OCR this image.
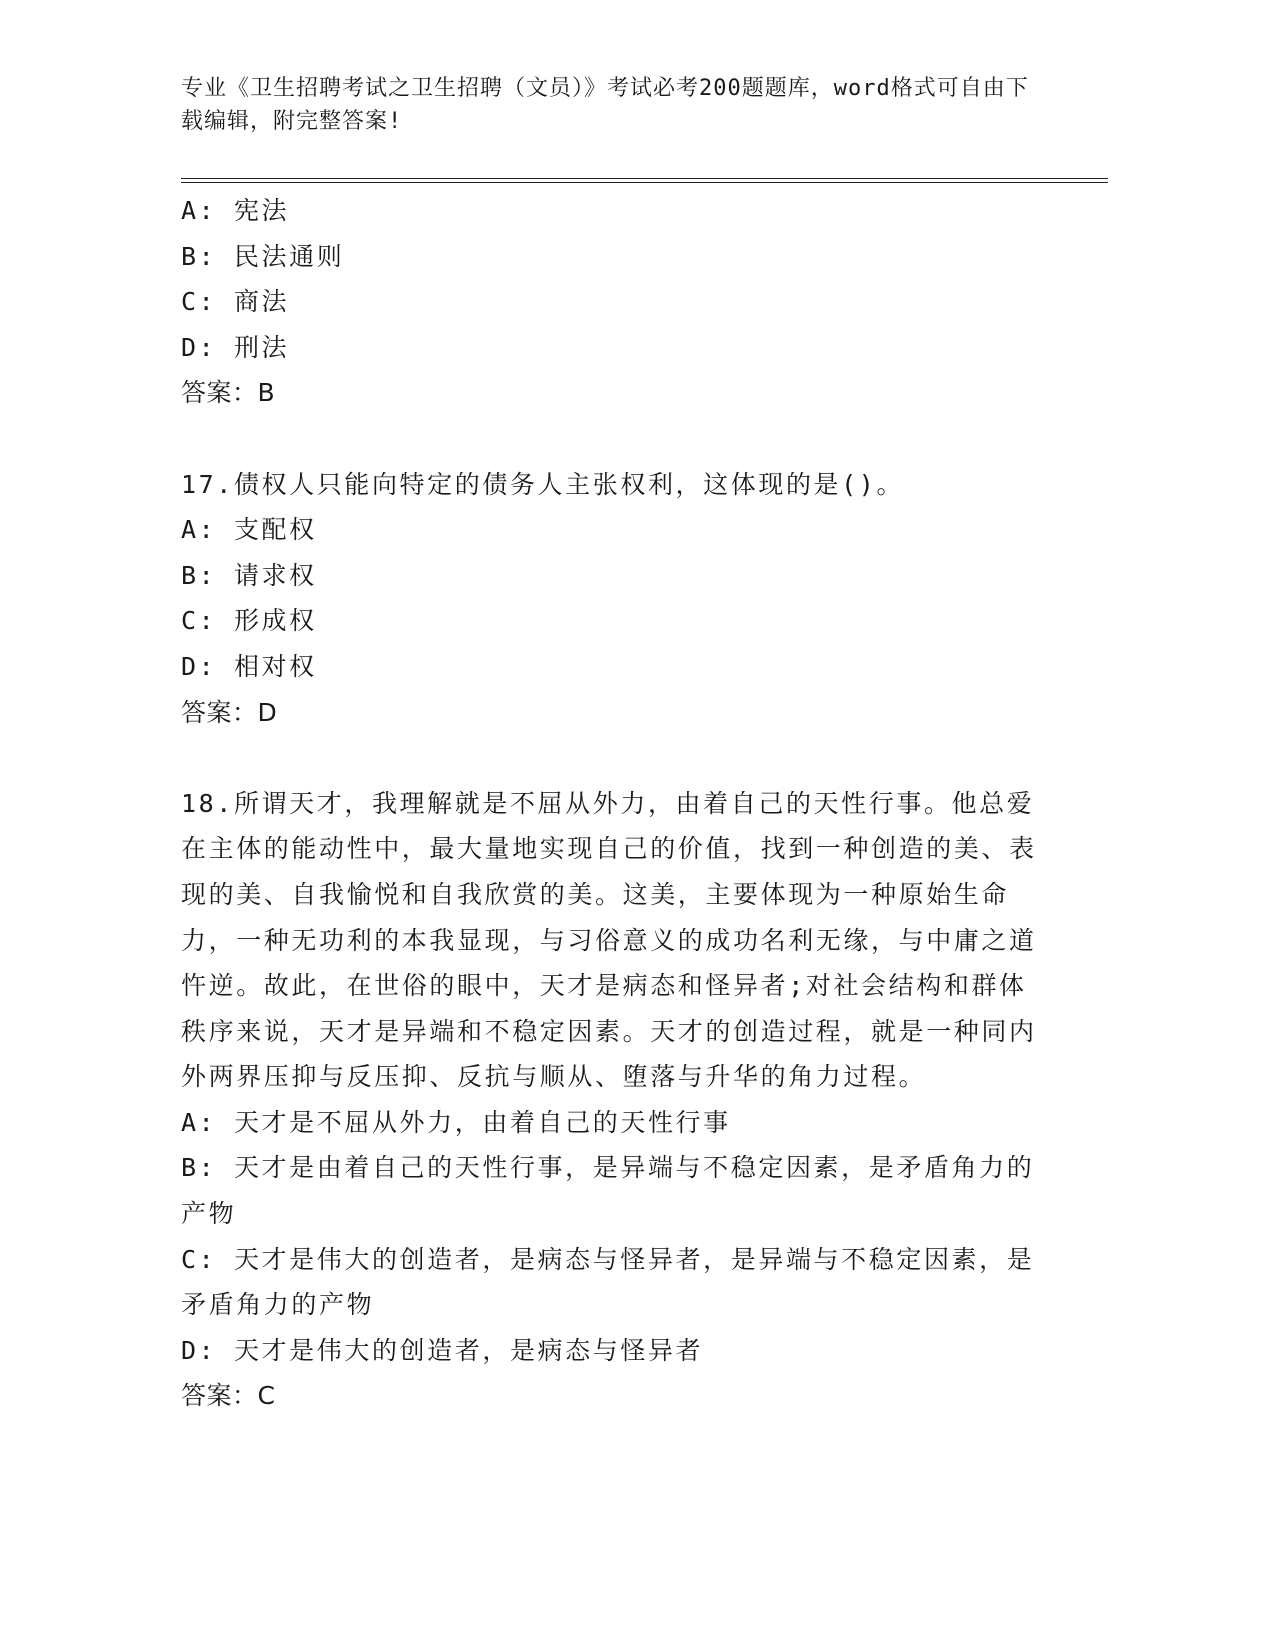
专业《卫生招聘考试之卫生招聘（文员）》考试必考200题题库，word格式可自由下载编辑，附完整答案!
A: 宪法
B: 民法通则
C: 商法
D: 刑法
答案：B
17.债权人只能向特定的债务人主张权利，这体现的是()。
A: 支配权
B: 请求权
C: 形成权
D: 相对权
答案：D
18.所谓天才，我理解就是不屈从外力，由着自己的天性行事。他总爱在主体的能动性中，最大量地实现自己的价值，找到一种创造的美、表现的美、自我愉悦和自我欣赏的美。这美，主要体现为一种原始生命力，一种无功利的本我显现，与习俗意义的成功名利无缘，与中庸之道忤逆。故此，在世俗的眼中，天才是病态和怪异者;对社会结构和群体秩序来说，天才是异端和不稳定因素。天才的创造过程，就是一种同内外两界压抑与反压抑、反抗与顺从、堕落与升华的角力过程。
A: 天才是不屈从外力，由着自己的天性行事
B: 天才是由着自己的天性行事，是异端与不稳定因素，是矛盾角力的产物
C: 天才是伟大的创造者，是病态与怪异者，是异端与不稳定因素，是矛盾角力的产物
D: 天才是伟大的创造者，是病态与怪异者
答案：C
